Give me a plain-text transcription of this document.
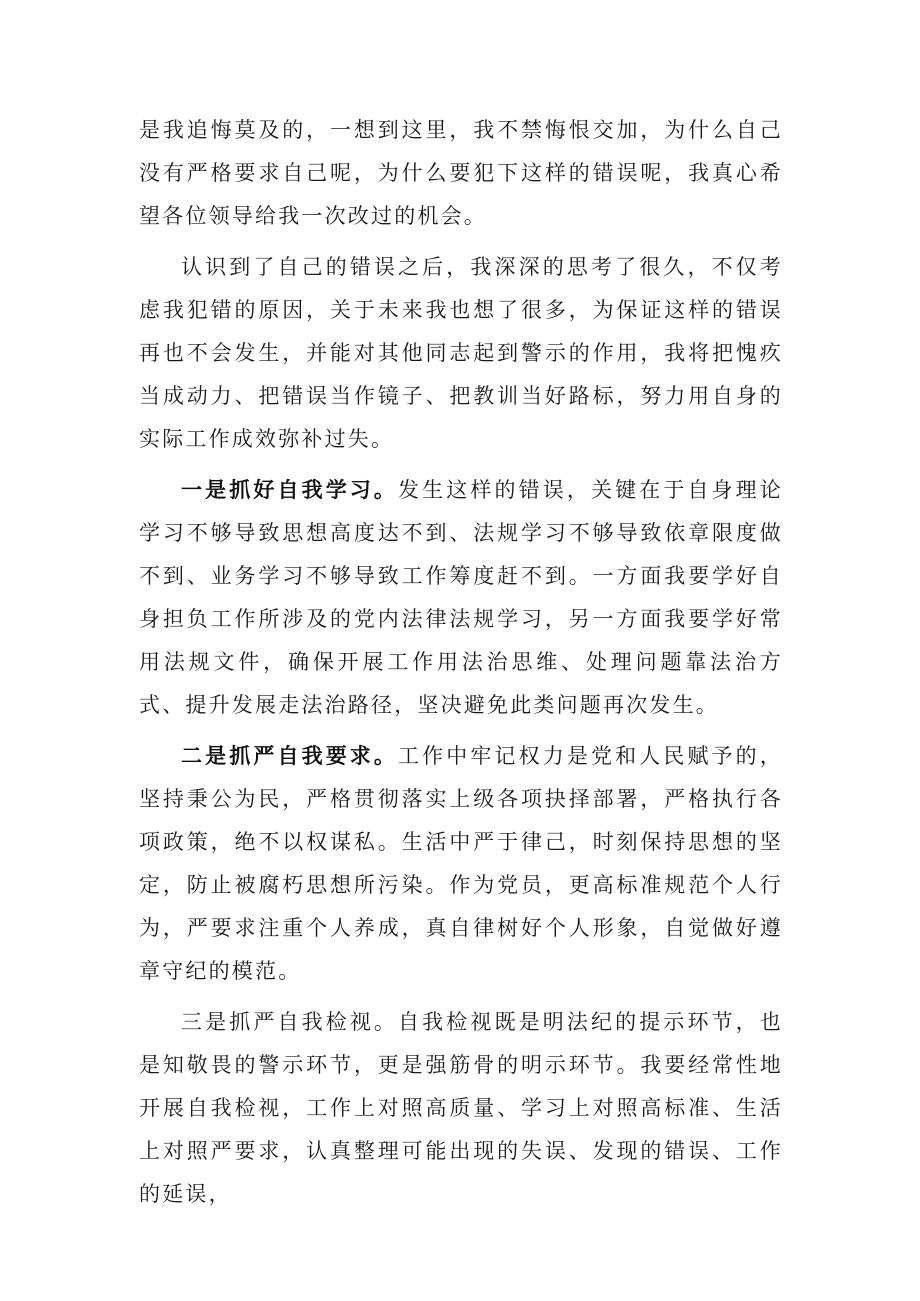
是我追悔莫及的，一想到这里，我不禁悔恨交加，为什么自己没有严格要求自己呢，为什么要犯下这样的错误呢，我真心希望各位领导给我一次改过的机会。

认识到了自己的错误之后，我深深的思考了很久，不仅考虑我犯错的原因，关于未来我也想了很多，为保证这样的错误再也不会发生，并能对其他同志起到警示的作用，我将把愧疚当成动力、把错误当作镜子、把教训当好路标，努力用自身的实际工作成效弥补过失。

一是抓好自我学习。发生这样的错误，关键在于自身理论学习不够导致思想高度达不到、法规学习不够导致依章限度做不到、业务学习不够导致工作筹度赶不到。一方面我要学好自身担负工作所涉及的党内法律法规学习，另一方面我要学好常用法规文件，确保开展工作用法治思维、处理问题靠法治方式、提升发展走法治路径，坚决避免此类问题再次发生。

二是抓严自我要求。工作中牢记权力是党和人民赋予的，坚持秉公为民，严格贯彻落实上级各项抉择部署，严格执行各项政策，绝不以权谋私。生活中严于律己，时刻保持思想的坚定，防止被腐朽思想所污染。作为党员，更高标准规范个人行为，严要求注重个人养成，真自律树好个人形象，自觉做好遵章守纪的模范。

三是抓严自我检视。自我检视既是明法纪的提示环节，也是知敬畏的警示环节，更是强筋骨的明示环节。我要经常性地开展自我检视，工作上对照高质量、学习上对照高标准、生活上对照严要求，认真整理可能出现的失误、发现的错误、工作的延误，
